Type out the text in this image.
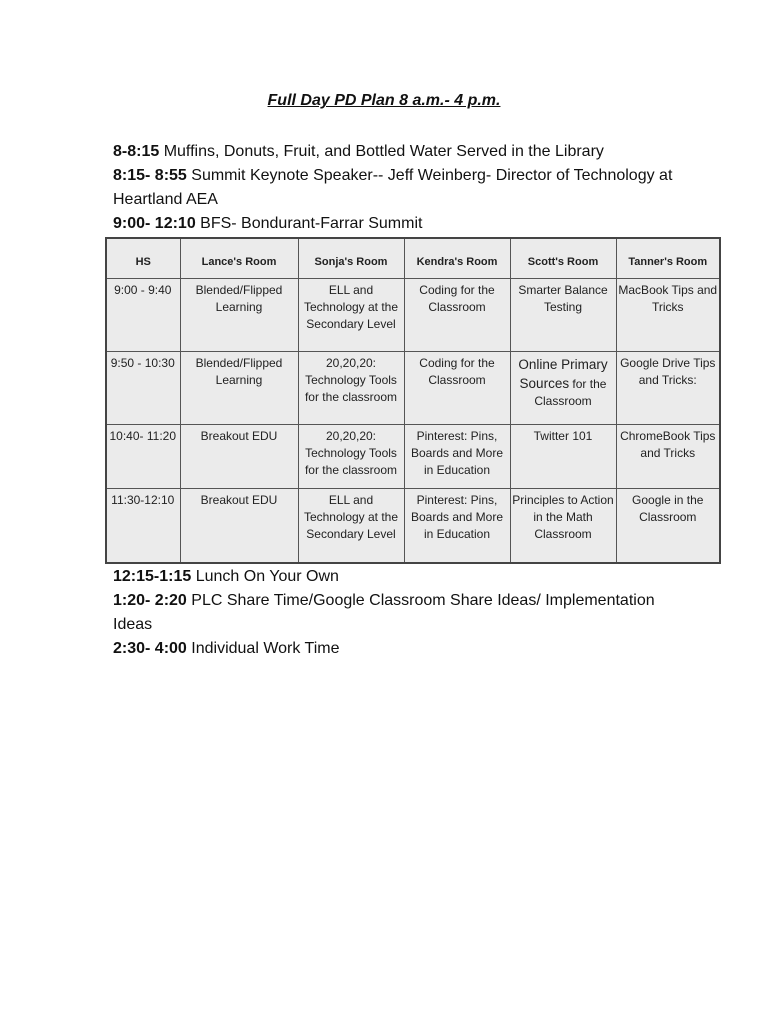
Full Day PD Plan 8 a.m.- 4 p.m.

8-8:15 Muffins, Donuts, Fruit, and Bottled Water Served in the Library

8:15- 8:55 Summit Keynote Speaker-- Jeff Weinberg- Director of Technology at Heartland AEA

9:00- 12:10 BFS- Bondurant-Farrar Summit

HS	Lance's Room	Sonja's Room	Kendra's Room	Scott's Room	Tanner's Room
9:00 - 9:40	Blended/Flipped Learning	ELL and Technology at the Secondary Level	Coding for the Classroom	Smarter Balance Testing	MacBook Tips and Tricks
9:50 - 10:30	Blended/Flipped Learning	20,20,20: Technology Tools for the classroom	Coding for the Classroom	Online Primary
Sources for the
Classroom	Google Drive Tips and Tricks:
10:40- 11:20	Breakout EDU	20,20,20: Technology Tools for the classroom	Pinterest: Pins, Boards and More in Education	Twitter 101	ChromeBook Tips and Tricks
11:30-12:10	Breakout EDU	ELL and Technology at the Secondary Level	Pinterest: Pins, Boards and More in Education	Principles to Action in the Math Classroom	Google in the Classroom

12:15-1:15 Lunch On Your Own

1:20- 2:20 PLC Share Time/Google Classroom Share Ideas/ Implementation Ideas

2:30- 4:00 Individual Work Time
